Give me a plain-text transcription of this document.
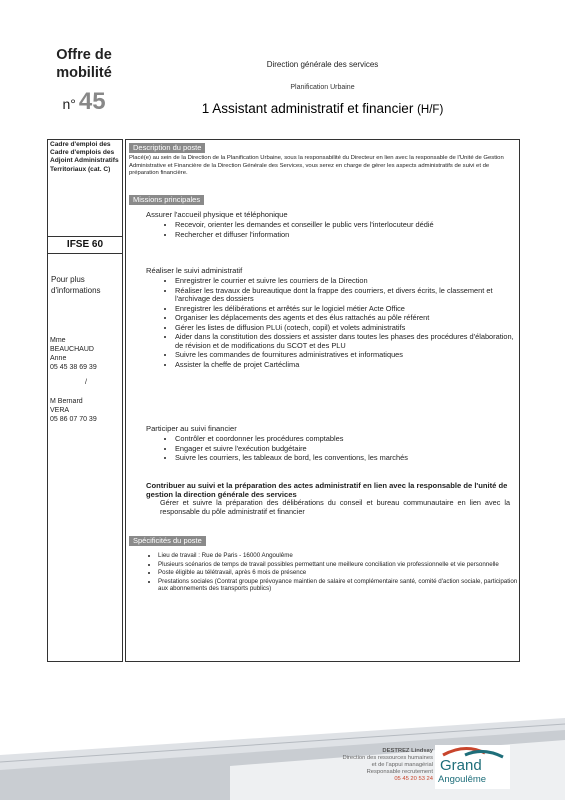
Offre de
mobilité
n° 45
Direction générale des services
Planification Urbaine
1 Assistant administratif et financier (H/F)
Cadre d'emploi des Cadre d'emplois des Adjoint Administratifs Territoriaux (cat. C)
IFSE 60
Pour plus d'informations
Mme
BEAUCHAUD
Anne
05 45 38 69 39
/
M Bernard
VERA
05 86 07 70 39
Description du poste
Placé(e) au sein de la Direction de la Planification Urbaine, sous la responsabilité du Directeur en lien avec la responsable de l'Unité de Gestion Administrative et Financière de la Direction Générale des Services, vous serez en charge de gérer les aspects administratifs de suivi et de préparation financière.
Missions principales
Assurer l'accueil physique et téléphonique
• Recevoir, orienter les demandes et conseiller le public vers l'interlocuteur dédié
• Rechercher et diffuser l'information
Réaliser le suivi administratif
• Enregistrer le courrier et suivre les courriers de la Direction
• Réaliser les travaux de bureautique dont la frappe des courriers, et divers écrits, le classement et l'archivage des dossiers
• Enregistrer les délibérations et arrêtés sur le logiciel métier Acte Office
• Organiser les déplacements des agents et des élus rattachés au pôle référent
• Gérer les listes de diffusion PLUi (cotech, copil) et volets administratifs
• Aider dans la constitution des dossiers et assister dans toutes les phases des procédures d'élaboration, de révision et de modifications du SCOT et des PLU
• Suivre les commandes de fournitures administratives et informatiques
• Assister la cheffe de projet Cartéclima
Participer au suivi financier
• Contrôler et coordonner les procédures comptables
• Engager et suivre l'exécution budgétaire
• Suivre les courriers, les tableaux de bord, les conventions, les marchés
Contribuer au suivi et la préparation des actes administratif en lien avec la responsable de l'unité de gestion la direction générale des services
Gérer et suivre la préparation des délibérations du conseil et bureau communautaire en lien avec la responsable du pôle administratif et financier
Spécificités du poste
• Lieu de travail : Rue de Paris - 16000 Angoulême
• Plusieurs scénarios de temps de travail possibles permettant une meilleure conciliation vie professionnelle et vie personnelle
• Poste éligible au télétravail, après 6 mois de présence
• Prestations sociales (Contrat groupe prévoyance maintien de salaire et complémentaire santé, comité d'action sociale, participation aux abonnements des transports publics)
DESTREZ Lindsay
Direction des ressources humaines
et de l'appui managérial
Responsable recrutement
05 45 20 53 24
Grand
Angoulême
